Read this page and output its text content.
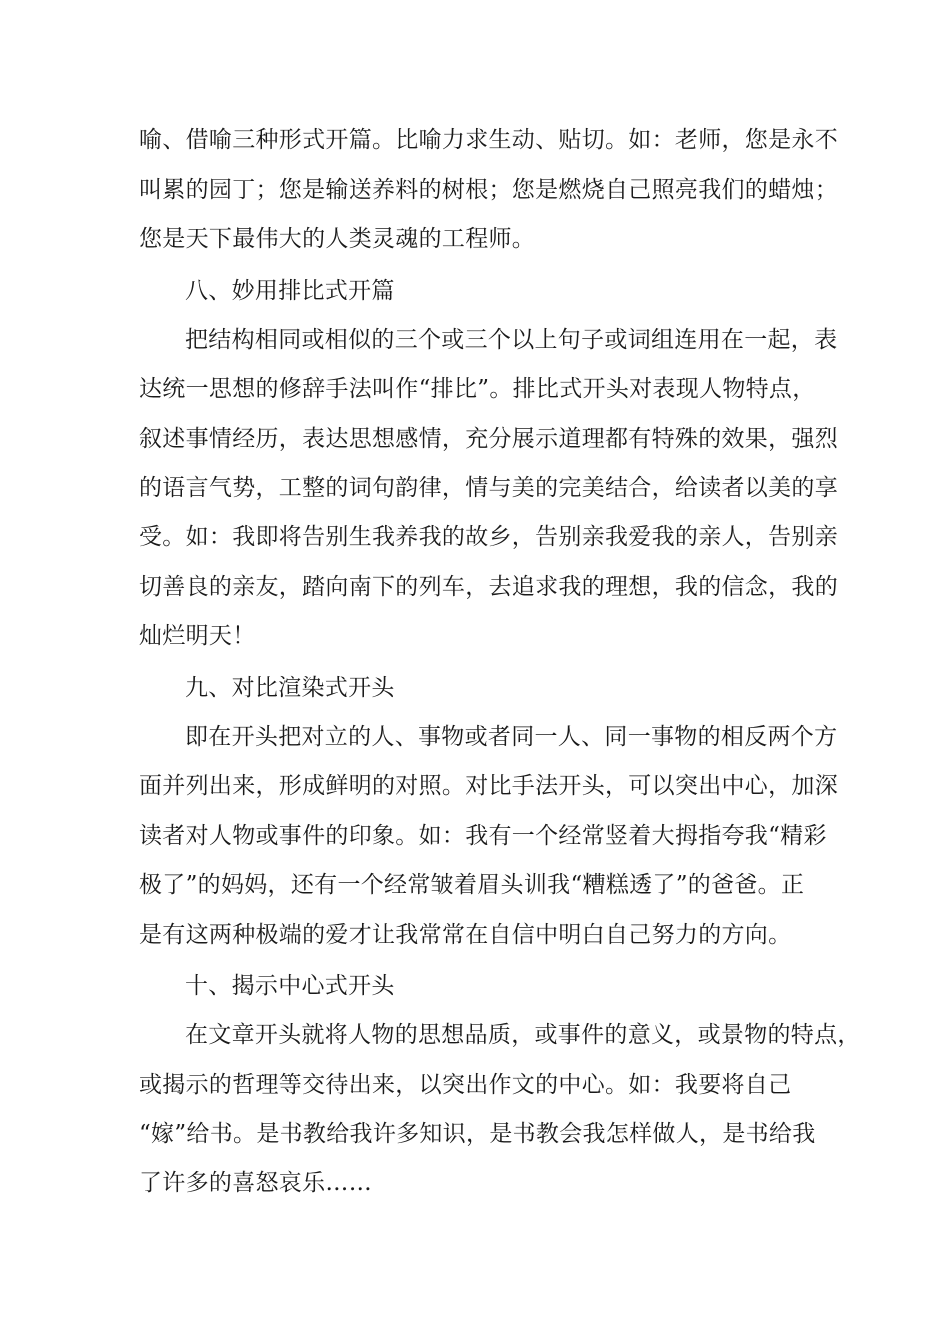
喻、借喻三种形式开篇。比喻力求生动、贴切。如：老师，您是永不
叫累的园丁；您是输送养料的树根；您是燃烧自己照亮我们的蜡烛；
您是天下最伟大的人类灵魂的工程师。
八、妙用排比式开篇
把结构相同或相似的三个或三个以上句子或词组连用在一起，表
达统一思想的修辞手法叫作“排比”。排比式开头对表现人物特点，
叙述事情经历，表达思想感情，充分展示道理都有特殊的效果，强烈
的语言气势，工整的词句韵律，情与美的完美结合，给读者以美的享
受。如：我即将告别生我养我的故乡，告别亲我爱我的亲人，告别亲
切善良的亲友，踏向南下的列车，去追求我的理想，我的信念，我的
灿烂明天！
九、对比渲染式开头
即在开头把对立的人、事物或者同一人、同一事物的相反两个方
面并列出来，形成鲜明的对照。对比手法开头，可以突出中心，加深
读者对人物或事件的印象。如：我有一个经常竖着大拇指夸我“精彩
极了”的妈妈，还有一个经常皱着眉头训我“糟糕透了”的爸爸。正
是有这两种极端的爱才让我常常在自信中明白自己努力的方向。
十、揭示中心式开头
在文章开头就将人物的思想品质，或事件的意义，或景物的特点，
或揭示的哲理等交待出来，以突出作文的中心。如：我要将自己
“嫁”给书。是书教给我许多知识，是书教会我怎样做人，是书给我
了许多的喜怒哀乐……
